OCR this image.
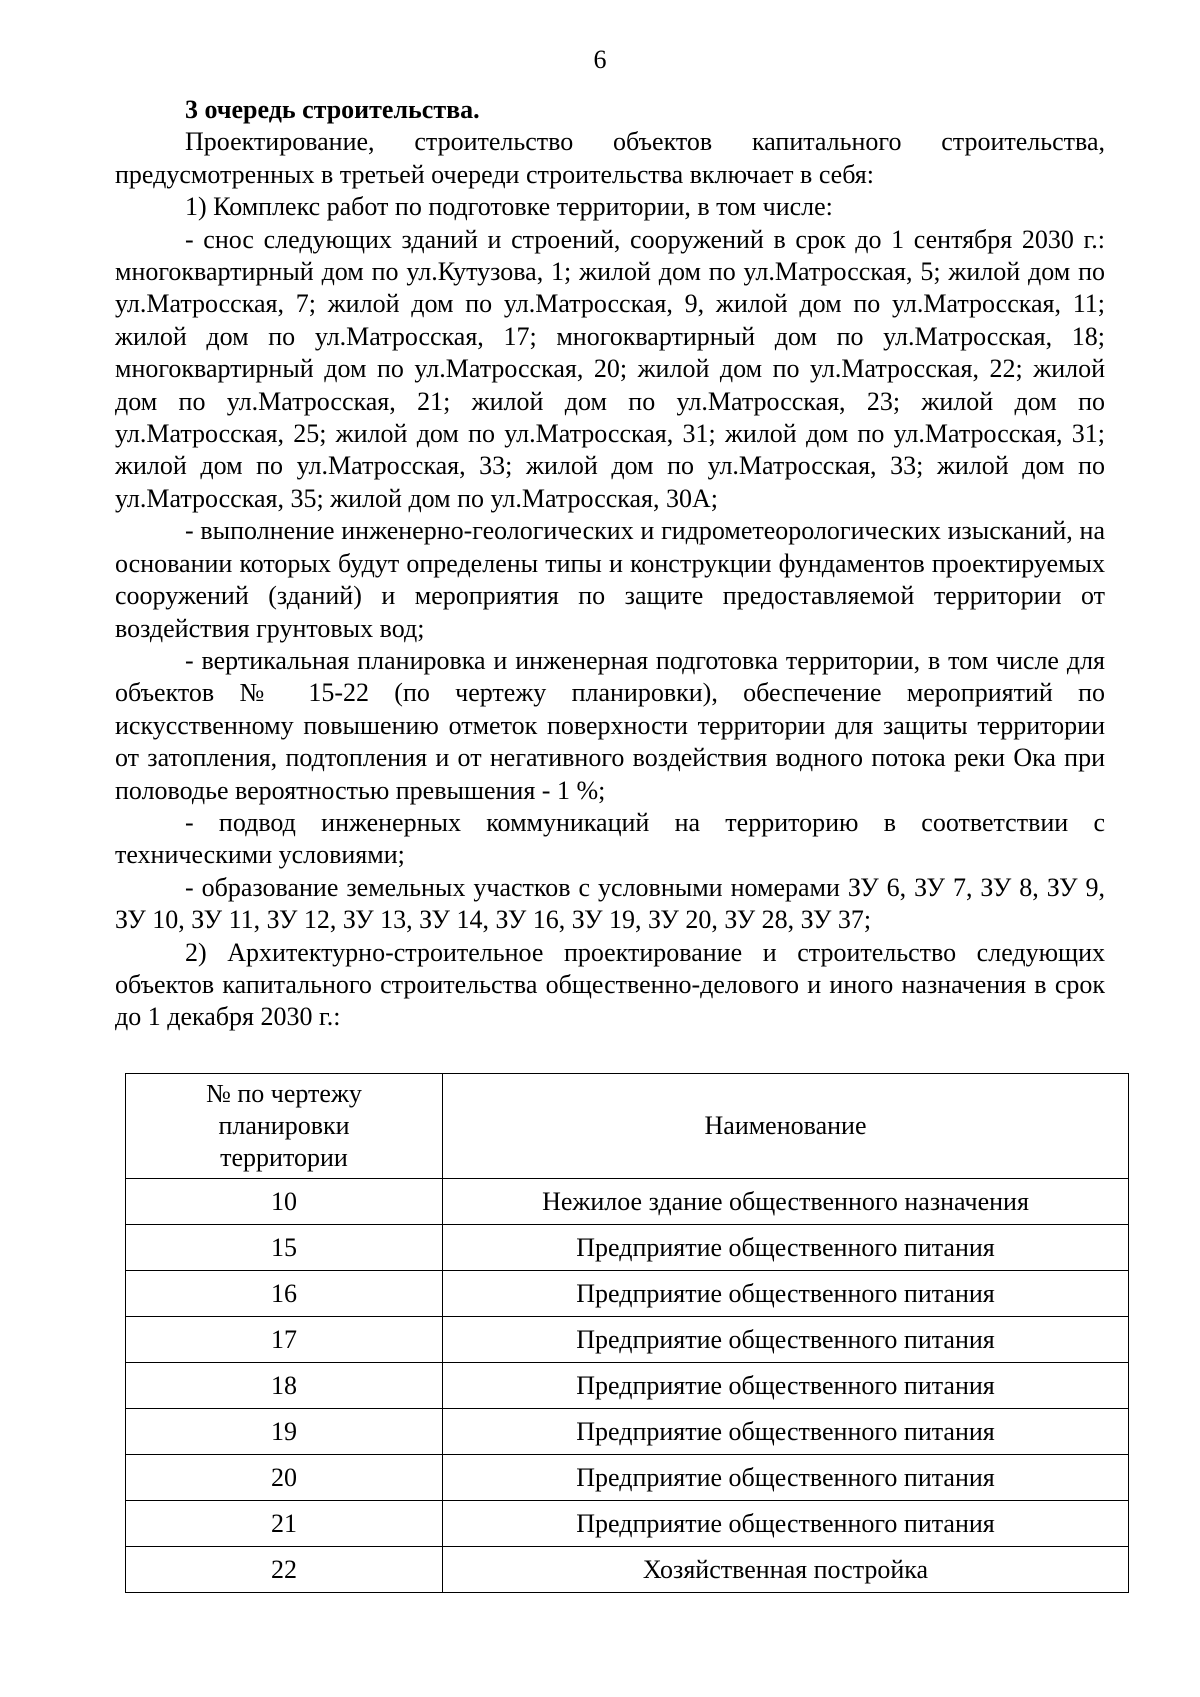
6

3 очередь строительства.

Проектирование, строительство объектов капитального строительства, предусмотренных в третьей очереди строительства включает в себя:

1) Комплекс работ по подготовке территории, в том числе:

- снос следующих зданий и строений, сооружений в срок до 1 сентября 2030 г.: многоквартирный дом по ул.Кутузова, 1; жилой дом по ул.Матросская, 5; жилой дом по ул.Матросская, 7; жилой дом по ул.Матросская, 9, жилой дом по ул.Матросская, 11; жилой дом по ул.Матросская, 17; многоквартирный дом по ул.Матросская, 18; многоквартирный дом по ул.Матросская, 20; жилой дом по ул.Матросская, 22; жилой дом по ул.Матросская, 21; жилой дом по ул.Матросская, 23; жилой дом по ул.Матросская, 25; жилой дом по ул.Матросская, 31; жилой дом по ул.Матросская, 31; жилой дом по ул.Матросская, 33; жилой дом по ул.Матросская, 33; жилой дом по ул.Матросская, 35; жилой дом по ул.Матросская, 30А;

- выполнение инженерно-геологических и гидрометеорологических изысканий, на основании которых будут определены типы и конструкции фундаментов проектируемых сооружений (зданий) и мероприятия по защите предоставляемой территории от воздействия грунтовых вод;

- вертикальная планировка и инженерная подготовка территории, в том числе для объектов № 15-22 (по чертежу планировки), обеспечение мероприятий по искусственному повышению отметок поверхности территории для защиты территории от затопления, подтопления и от негативного воздействия водного потока реки Ока при половодье вероятностью превышения - 1 %;

- подвод инженерных коммуникаций на территорию в соответствии с техническими условиями;

- образование земельных участков с условными номерами ЗУ 6, ЗУ 7, ЗУ 8, ЗУ 9, ЗУ 10, ЗУ 11, ЗУ 12, ЗУ 13, ЗУ 14, ЗУ 16, ЗУ 19, ЗУ 20, ЗУ 28, ЗУ 37;

2) Архитектурно-строительное проектирование и строительство следующих объектов капитального строительства общественно-делового и иного назначения в срок до 1 декабря 2030 г.:

№ по чертежу планировки территории	Наименование
10	Нежилое здание общественного назначения
15	Предприятие общественного питания
16	Предприятие общественного питания
17	Предприятие общественного питания
18	Предприятие общественного питания
19	Предприятие общественного питания
20	Предприятие общественного питания
21	Предприятие общественного питания
22	Хозяйственная постройка
